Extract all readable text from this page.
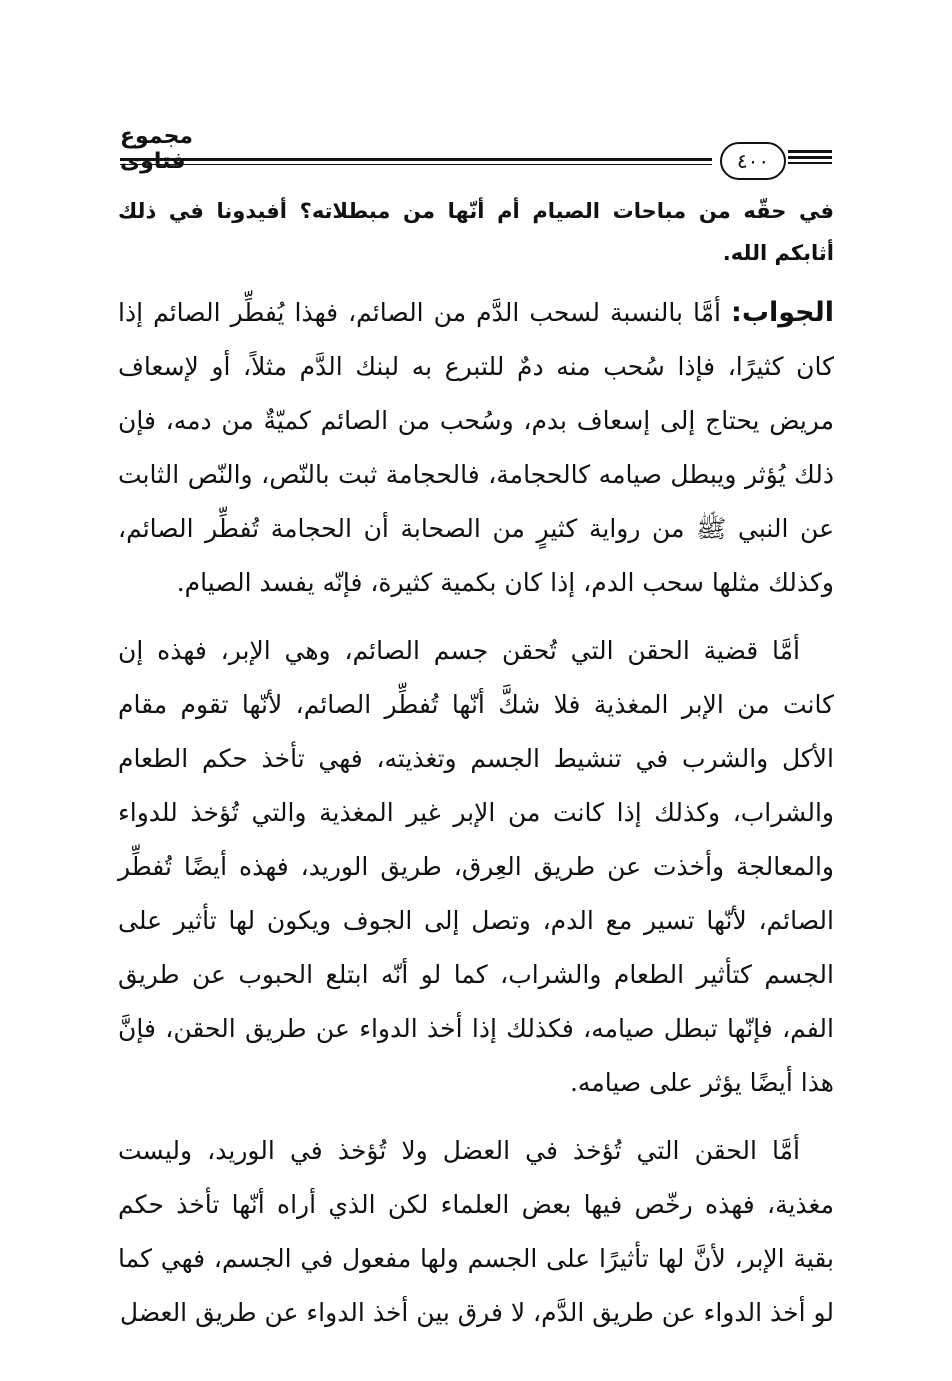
مجموع فتاوى	٤٠٠

في حقّه من مباحات الصيام أم أنّها من مبطلاته؟ أفيدونا في ذلك أثابكم الله.

الجواب: أمَّا بالنسبة لسحب الدَّم من الصائم، فهذا يُفطِّر الصائم إذا كان كثيرًا، فإذا سُحب منه دمٌ للتبرع به لبنك الدَّم مثلاً، أو لإسعاف مريض يحتاج إلى إسعاف بدم، وسُحب من الصائم كميّةٌ من دمه، فإن ذلك يُؤثر ويبطل صيامه كالحجامة، فالحجامة ثبت بالنّص، والنّص الثابت عن النبي ﷺ من رواية كثيرٍ من الصحابة أن الحجامة تُفطِّر الصائم، وكذلك مثلها سحب الدم، إذا كان بكمية كثيرة، فإنّه يفسد الصيام.

أمَّا قضية الحقن التي تُحقن جسم الصائم، وهي الإبر، فهذه إن كانت من الإبر المغذية فلا شكَّ أنّها تُفطِّر الصائم، لأنّها تقوم مقام الأكل والشرب في تنشيط الجسم وتغذيته، فهي تأخذ حكم الطعام والشراب، وكذلك إذا كانت من الإبر غير المغذية والتي تُؤخذ للدواء والمعالجة وأخذت عن طريق العِرق، طريق الوريد، فهذه أيضًا تُفطِّر الصائم، لأنّها تسير مع الدم، وتصل إلى الجوف ويكون لها تأثير على الجسم كتأثير الطعام والشراب، كما لو أنّه ابتلع الحبوب عن طريق الفم، فإنّها تبطل صيامه، فكذلك إذا أخذ الدواء عن طريق الحقن، فإنَّ هذا أيضًا يؤثر على صيامه.

أمَّا الحقن التي تُؤخذ في العضل ولا تُؤخذ في الوريد، وليست مغذية، فهذه رخّص فيها بعض العلماء لكن الذي أراه أنّها تأخذ حكم بقية الإبر، لأنَّ لها تأثيرًا على الجسم ولها مفعول في الجسم، فهي كما لو أخذ الدواء عن طريق الدَّم، لا فرق بين أخذ الدواء عن طريق العضل
